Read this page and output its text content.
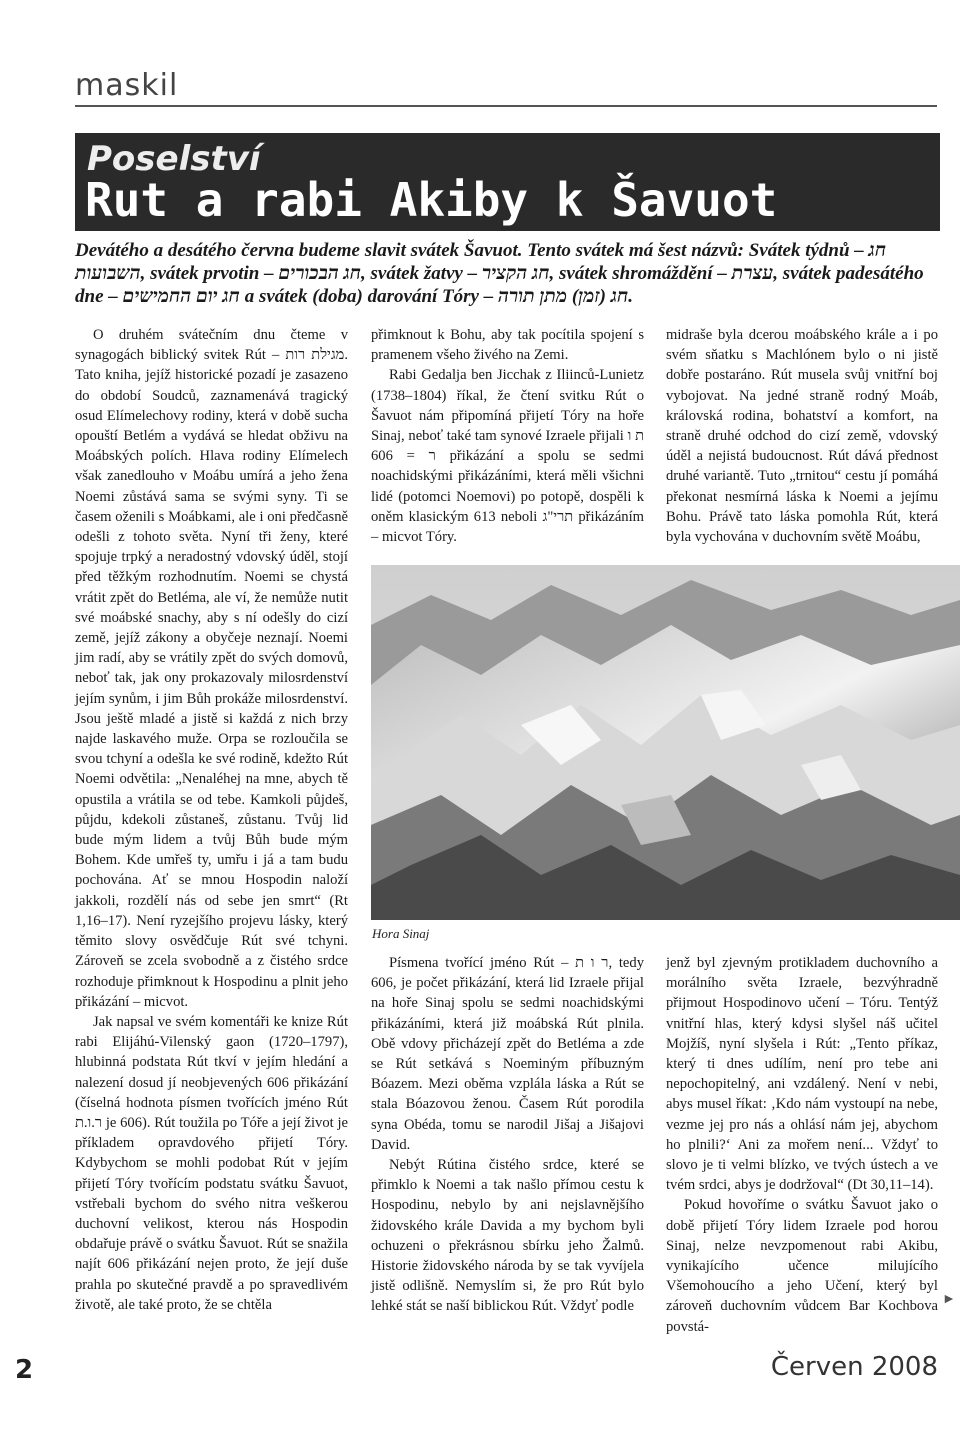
maskil
Poselství
Rut a rabi Akiby k Šavuot
Devátého a desátého června budeme slavit svátek Šavuot. Tento svátek má šest názvů: Svátek týdnů – חג השבועות, svátek prvotin – חג הבכורים, svátek žatvy – חג הקציר, svátek shromáždění – עצרת, svátek padesátého dne – חג יום החמישים a svátek (doba) darování Tóry – חג (זמן) מתן תורה.

O druhém svátečním dnu čteme v synagogách biblický svitek Rút – מגילת רות. Tato kniha, jejíž historické pozadí je zasazeno do období Soudců, zaznamenává tragický osud Elímelechovy rodiny, která v době sucha opouští Betlém a vydává se hledat obživu na Moábských polích. Hlava rodiny Elímelech však zanedlouho v Moábu umírá a jeho žena Noemi zůstává sama se svými syny. Ti se časem oženili s Moábkami, ale i oni předčasně odešli z tohoto světa. Nyní tři ženy, které spojuje trpký a neradostný vdovský úděl, stojí před těžkým rozhodnutím. Noemi se chystá vrátit zpět do Betléma, ale ví, že nemůže nutit své moábské snachy, aby s ní odešly do cizí země, jejíž zákony a obyčeje neznají. Noemi jim radí, aby se vrátily zpět do svých domovů, neboť tak, jak ony prokazovaly milosrdenství jejím synům, i jim Bůh prokáže milosrdenství. Jsou ještě mladé a jistě si každá z nich brzy najde laskavého muže. Orpa se rozloučila se svou tchyní a odešla ke své rodině, kdežto Rút Noemi odvětila: „Nenaléhej na mne, abych tě opustila a vrátila se od tebe. Kamkoli půjdeš, půjdu, kdekoli zůstaneš, zůstanu. Tvůj lid bude mým lidem a tvůj Bůh bude mým Bohem. Kde umřeš ty, umřu i já a tam budu pochována. Ať se mnou Hospodin naloží jakkoli, rozdělí nás od sebe jen smrt“ (Rt 1,16–17). Není ryzejšího projevu lásky, který těmito slovy osvědčuje Rút své tchyni. Zároveň se zcela svobodně a z čistého srdce rozhoduje přimknout k Hospodinu a plnit jeho přikázání – micvot.

Jak napsal ve svém komentáři ke knize Rút rabi Elijáhú-Vilenský gaon (1720–1797), hlubinná podstata Rút tkví v jejím hledání a nalezení dosud jí neobjevených 606 přikázání (číselná hodnota písmen tvořících jméno Rút ר.ו.ת je 606). Rút toužila po Tóře a její život je příkladem opravdového přijetí Tóry. Kdybychom se mohli podobat Rút v jejím přijetí Tóry tvořícím podstatu svátku Šavuot, vstřebali bychom do svého nitra veškerou duchovní velikost, kterou nás Hospodin obdařuje právě o svátku Šavuot. Rút se snažila najít 606 přikázání nejen proto, že její duše prahla po skutečné pravdě a po spravedlivém životě, ale také proto, že se chtěla

přimknout k Bohu, aby tak pocítila spojení s pramenem všeho živého na Zemi.

Rabi Gedalja ben Jicchak z Iliinců-Lunietz (1738–1804) říkal, že čtení svitku Rút o Šavuot nám připomíná přijetí Tóry na hoře Sinaj, neboť také tam synové Izraele přijali ת ו ר = 606 přikázání a spolu se sedmi noachidskými přikázáními, která měli všichni lidé (potomci Noemovi) po potopě, dospěli k oněm klasickým 613 neboli תרי"ג přikázáním – micvot Tóry.

midraše byla dcerou moábského krále a i po svém sňatku s Machlónem bylo o ni jistě dobře postaráno. Rút musela svůj vnitřní boj vybojovat. Na jedné straně rodný Moáb, královská rodina, bohatství a komfort, na straně druhé odchod do cizí země, vdovský úděl a nejistá budoucnost. Rút dává přednost druhé variantě. Tuto „trnitou“ cestu jí pomáhá překonat nesmírná láska k Noemi a jejímu Bohu. Právě tato láska pomohla Rút, která byla vychována v duchovním světě Moábu,

Hora Sinaj

Písmena tvořící jméno Rút – ר ו ת, tedy 606, je počet přikázání, která lid Izraele přijal na hoře Sinaj spolu se sedmi noachidskými přikázáními, která již moábská Rút plnila. Obě vdovy přicházejí zpět do Betléma a zde se Rút setkává s Noeminým příbuzným Bóazem. Mezi oběma vzplála láska a Rút se stala Bóazovou ženou. Časem Rút porodila syna Obéda, tomu se narodil Jišaj a Jišajovi David.

Nebýt Rútina čistého srdce, které se přimklo k Noemi a tak našlo přímou cestu k Hospodinu, nebylo by ani nejslavnějšího židovského krále Davida a my bychom byli ochuzeni o překrásnou sbírku jeho Žalmů. Historie židovského národa by se tak vyvíjela jistě odlišně. Nemyslím si, že pro Rút bylo lehké stát se naší biblickou Rút. Vždyť podle

jenž byl zjevným protikladem duchovního a morálního světa Izraele, bezvýhradně přijmout Hospodinovo učení – Tóru. Tentýž vnitřní hlas, který kdysi slyšel náš učitel Mojžíš, nyní slyšela i Rút: „Tento příkaz, který ti dnes udílím, není pro tebe ani nepochopitelný, ani vzdálený. Není v nebi, abys musel říkat: ‚Kdo nám vystoupí na nebe, vezme jej pro nás a ohlásí nám jej, abychom ho plnili?‘ Ani za mořem není... Vždyť to slovo je ti velmi blízko, ve tvých ústech a ve tvém srdci, abys je dodržoval“ (Dt 30,11–14).

Pokud hovoříme o svátku Šavuot jako o době přijetí Tóry lidem Izraele pod horou Sinaj, nelze nevzpomenout rabi Akibu, vynikajícího učence milujícího Všemohoucího a jeho Učení, který byl zároveň duchovním vůdcem Bar Kochbova povstá-

►
2	Červen 2008
